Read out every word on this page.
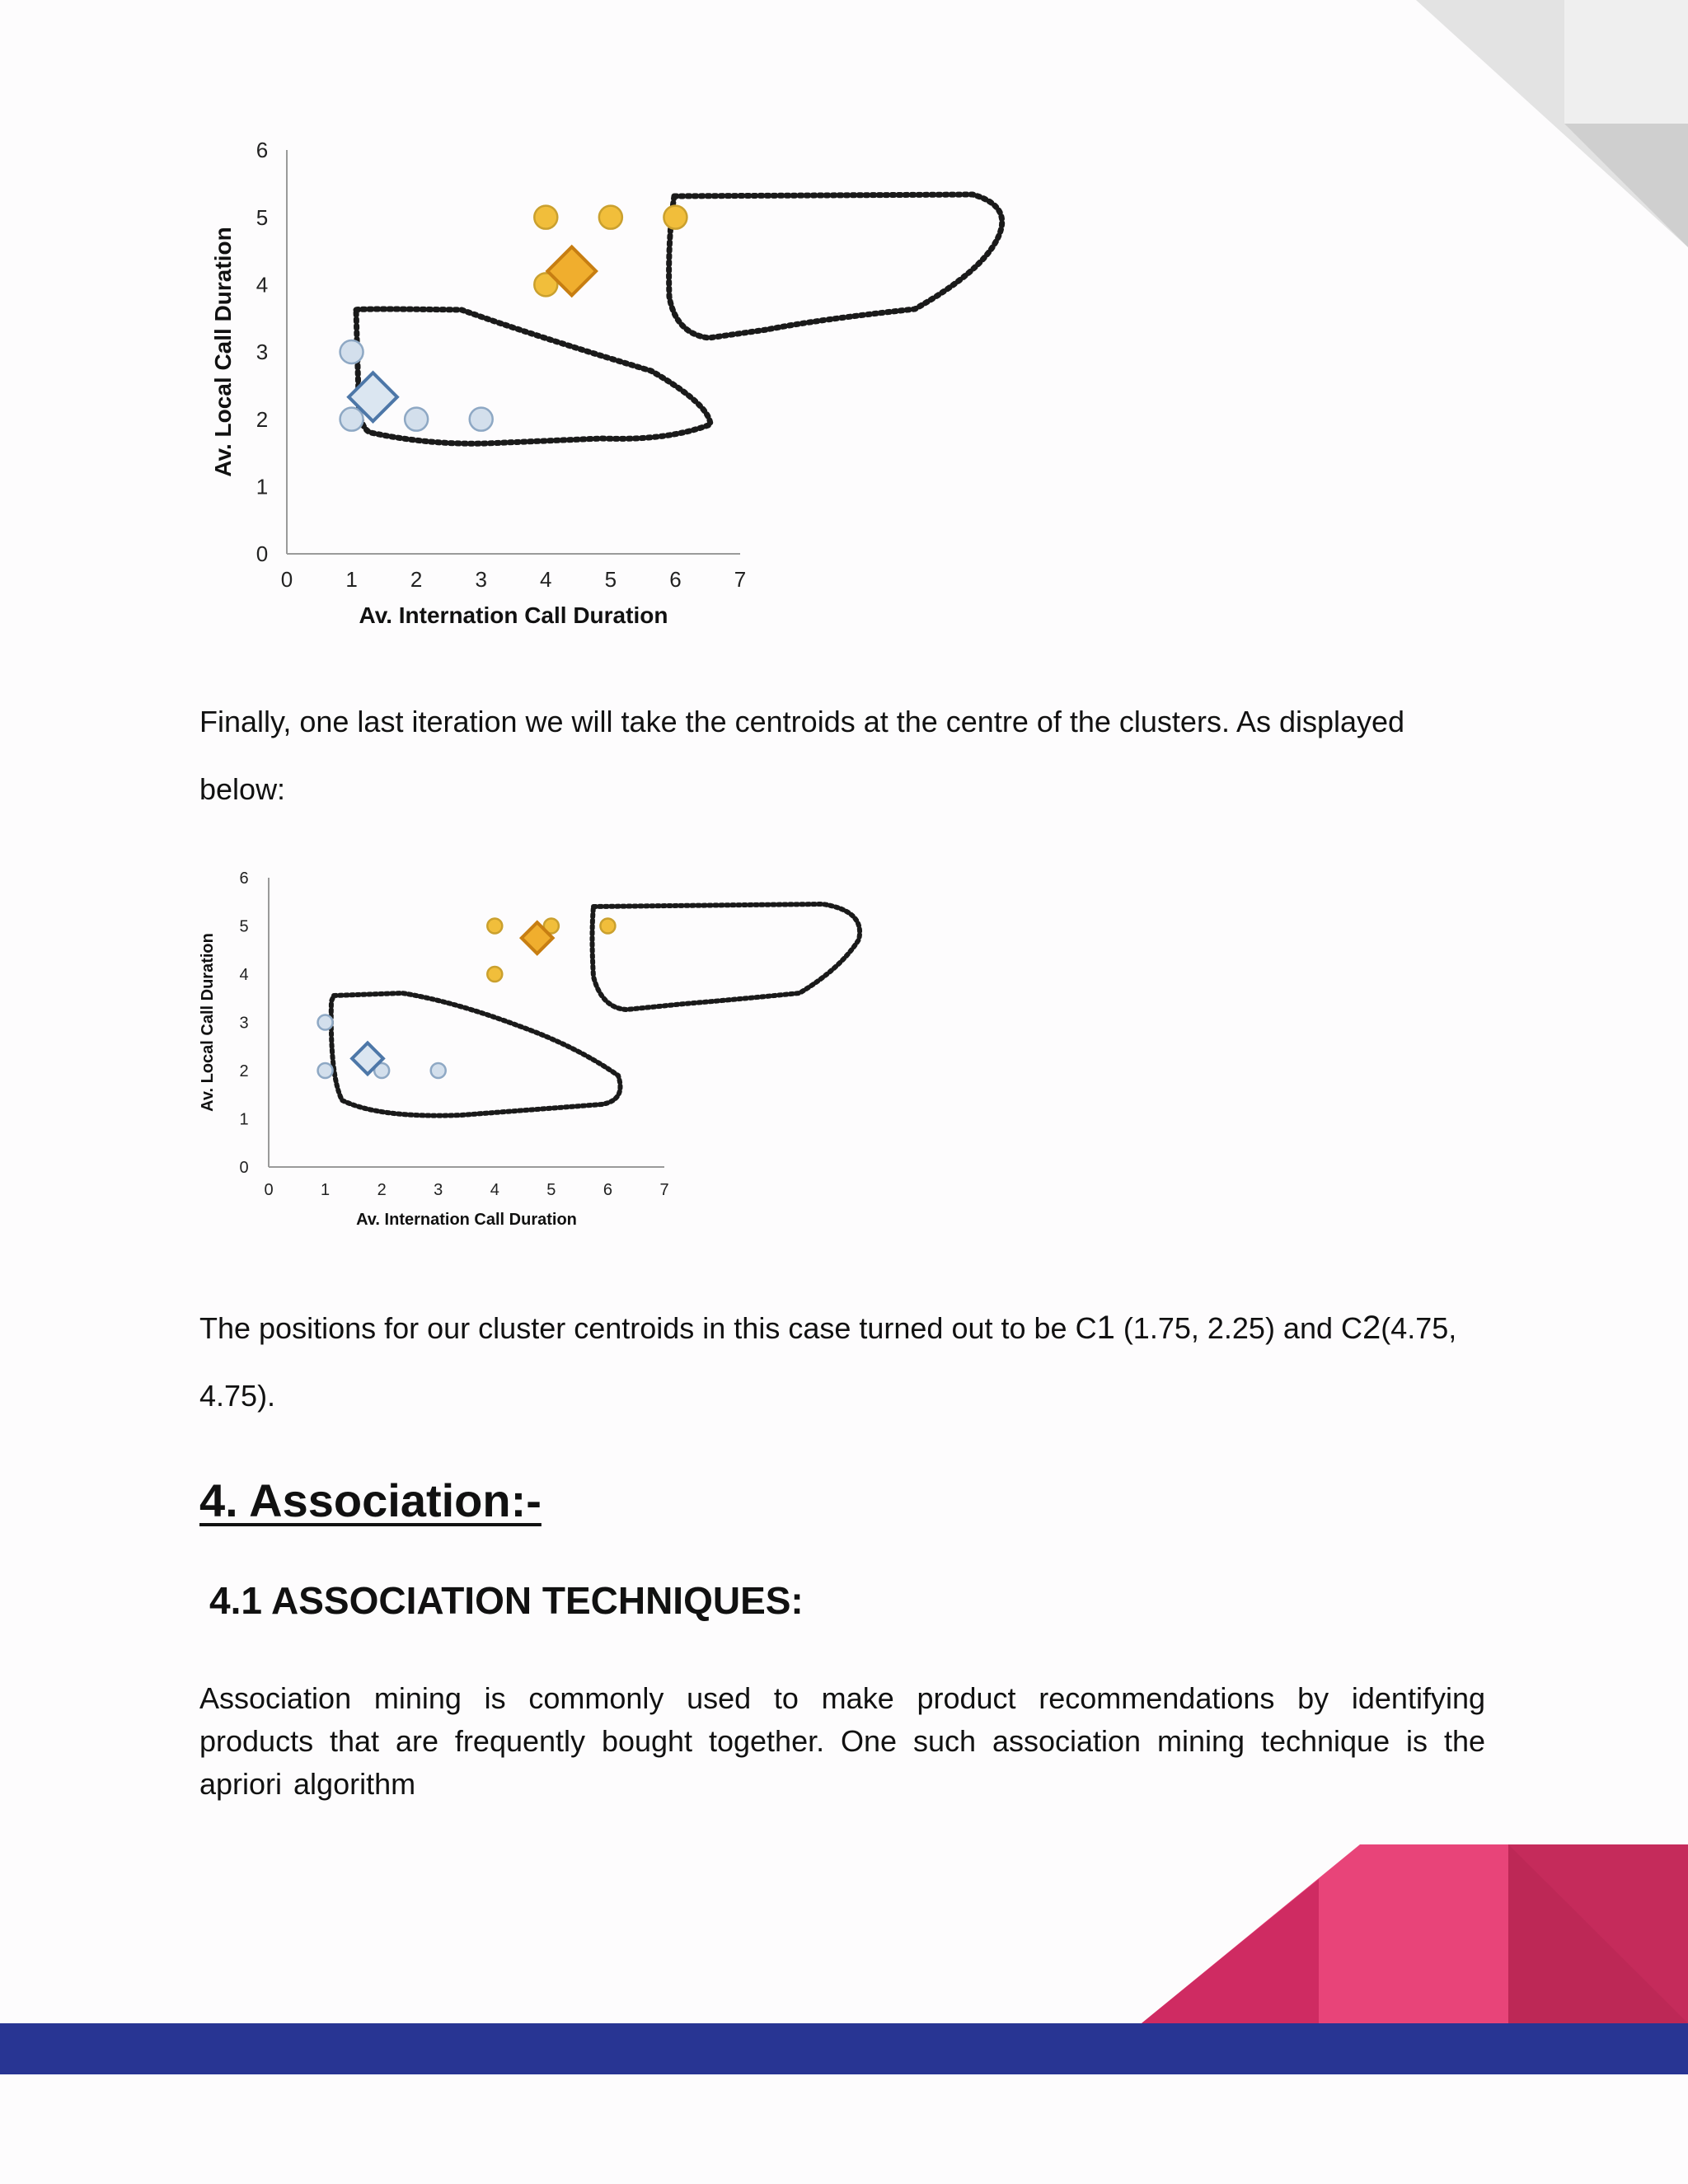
0 1 2 3 4 5 6 7
0
1
2
3
4
5
6
Av. Internation Call Duration
Av. Local Call Duration
0	1	2	3	4	5	6	7
0
1
2
3
4
5
6
Av. Internation Call Duration
Av. Local Call Duration

Finally, one last iteration we will take the centroids at the centre of the clusters. As displayed
below:

The positions for our cluster centroids in this case turned out to be C1 (1.75, 2.25) and C2(4.75,
4.75).

4. Association:-
4.1 ASSOCIATION TECHNIQUES:

Association mining is commonly used to make product recommendations by identifying products that are frequently bought together. One such association mining technique is the apriori algorithm
